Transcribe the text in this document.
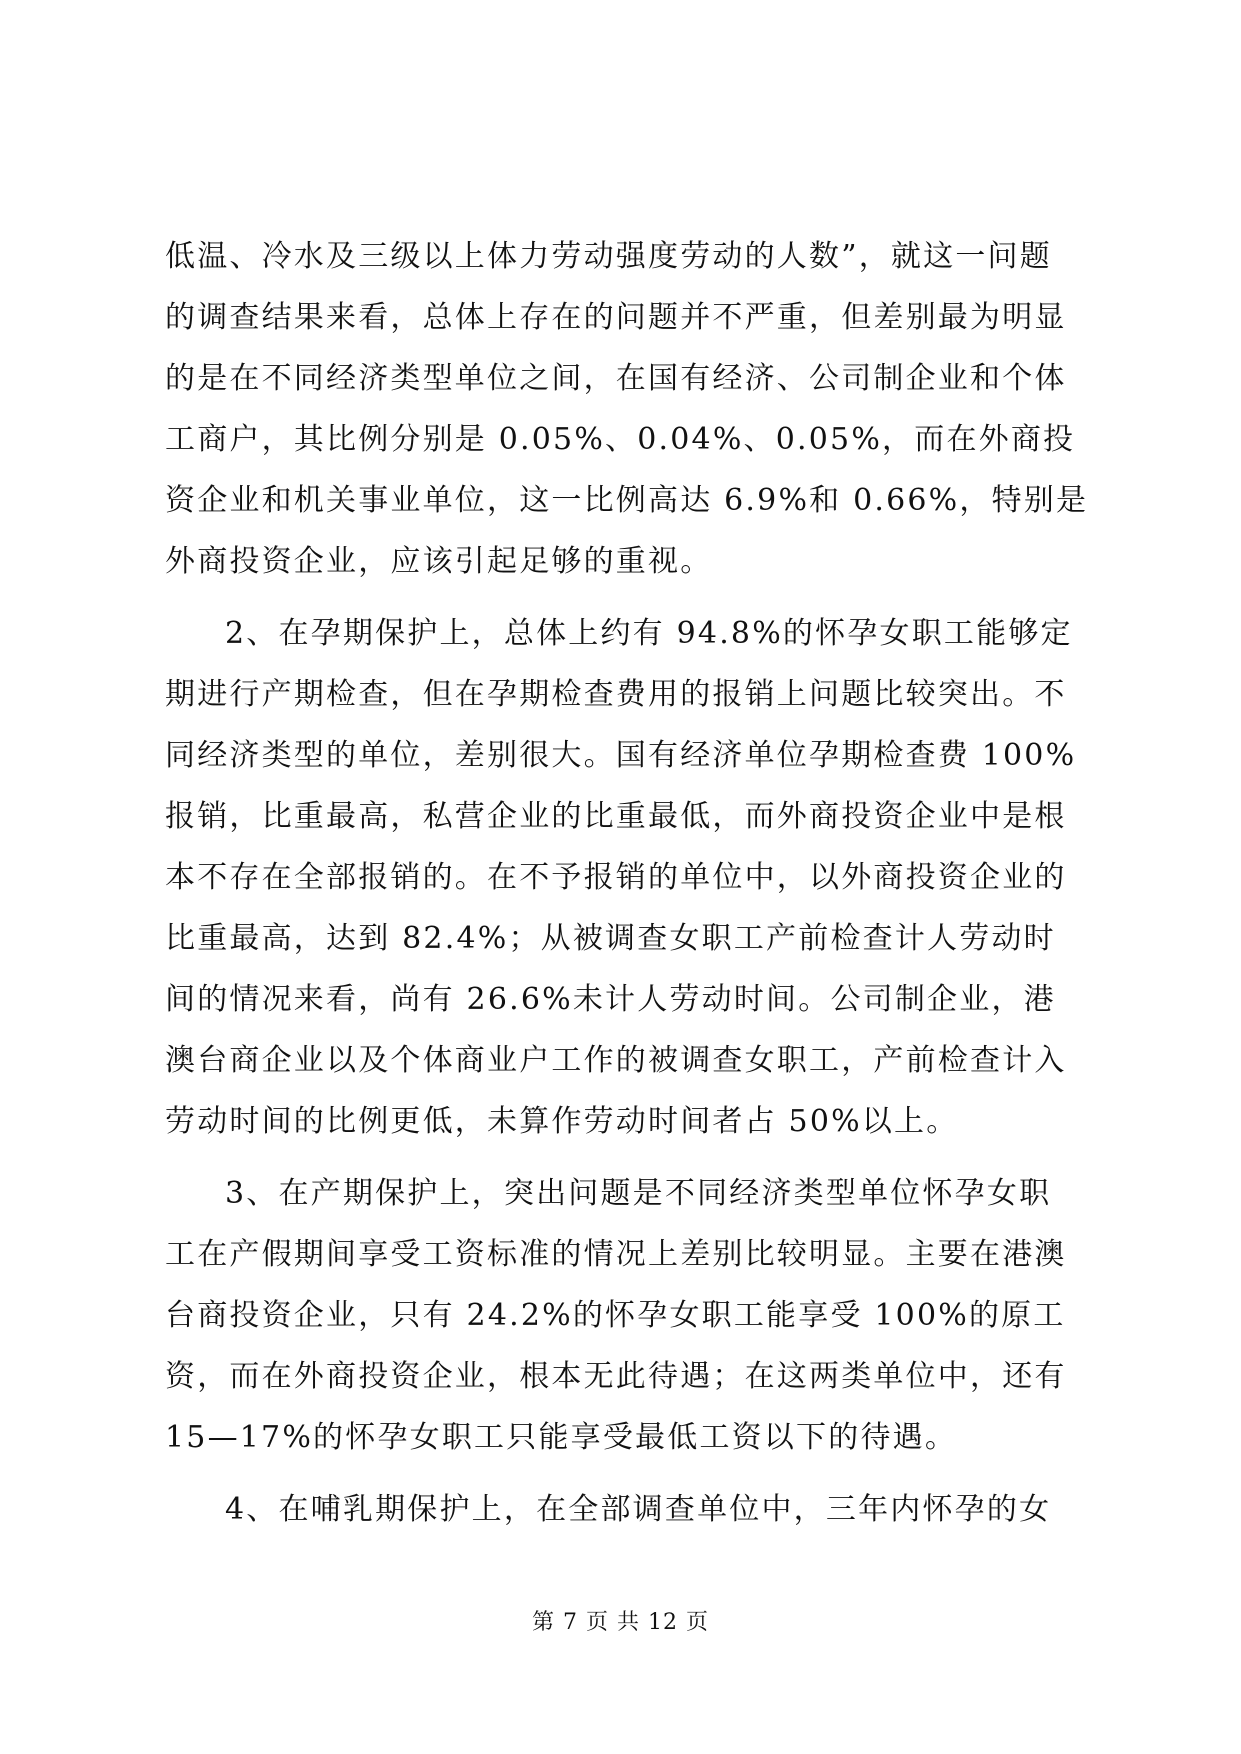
低温、冷水及三级以上体力劳动强度劳动的人数”，就这一问题
的调查结果来看，总体上存在的问题并不严重，但差别最为明显
的是在不同经济类型单位之间，在国有经济、公司制企业和个体
工商户，其比例分别是 0.05%、0.04%、0.05%，而在外商投
资企业和机关事业单位，这一比例高达 6.9%和 0.66%，特别是
外商投资企业，应该引起足够的重视。
2、在孕期保护上，总体上约有 94.8%的怀孕女职工能够定
期进行产期检查，但在孕期检查费用的报销上问题比较突出。不
同经济类型的单位，差别很大。国有经济单位孕期检查费 100%
报销，比重最高，私营企业的比重最低，而外商投资企业中是根
本不存在全部报销的。在不予报销的单位中，以外商投资企业的
比重最高，达到 82.4%；从被调查女职工产前检查计人劳动时
间的情况来看，尚有 26.6%未计人劳动时间。公司制企业，港
澳台商企业以及个体商业户工作的被调查女职工，产前检查计入
劳动时间的比例更低，未算作劳动时间者占 50%以上。
3、在产期保护上，突出问题是不同经济类型单位怀孕女职
工在产假期间享受工资标准的情况上差别比较明显。主要在港澳
台商投资企业，只有 24.2%的怀孕女职工能享受 100%的原工
资，而在外商投资企业，根本无此待遇；在这两类单位中，还有
15—17%的怀孕女职工只能享受最低工资以下的待遇。
4、在哺乳期保护上，在全部调查单位中，三年内怀孕的女
第 7 页 共 12 页
